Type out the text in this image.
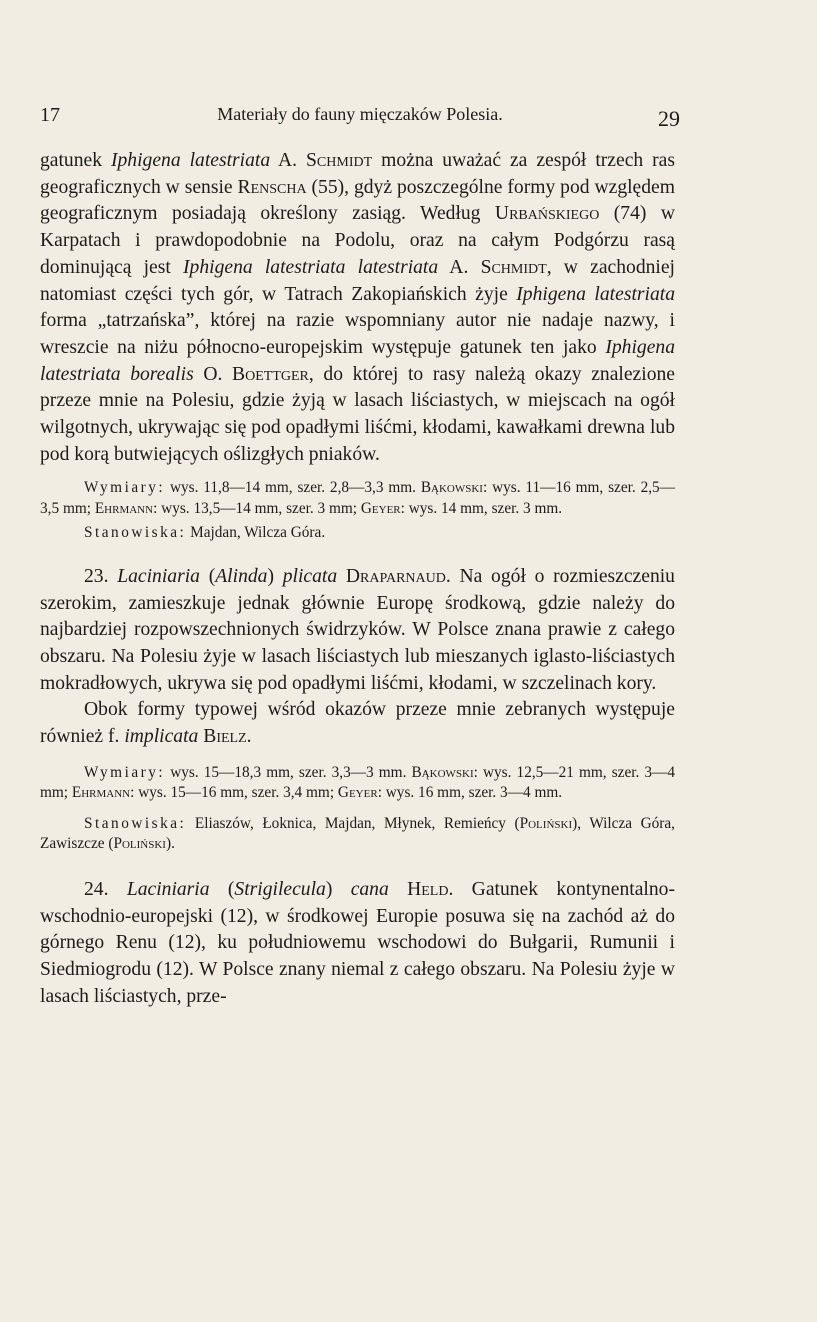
17	Materiały do fauny mięczaków Polesia.	29

gatunek Iphigena latestriata A. Schmidt można uważać za zespół trzech ras geograficznych w sensie Renscha (55), gdyż poszczególne formy pod względem geograficznym posiadają określony zasiąg. Według Urbańskiego (74) w Karpatach i prawdopodobnie na Podolu, oraz na całym Podgórzu rasą dominującą jest Iphigena latestriata latestriata A. Schmidt, w zachodniej natomiast części tych gór, w Tatrach Zakopiańskich żyje Iphigena latestriata forma „tatrzańska”, której na razie wspomniany autor nie nadaje nazwy, i wreszcie na niżu północno-europejskim występuje gatunek ten jako Iphigena latestriata borealis O. Boettger, do której to rasy należą okazy znalezione przeze mnie na Polesiu, gdzie żyją w lasach liściastych, w miejscach na ogół wilgotnych, ukrywając się pod opadłymi liśćmi, kłodami, kawałkami drewna lub pod korą butwiejących oślizgłych pniaków.

Wymiary: wys. 11,8—14 mm, szer. 2,8—3,3 mm. Bąkowski: wys. 11—16 mm, szer. 2,5—3,5 mm; Ehrmann: wys. 13,5—14 mm, szer. 3 mm; Geyer: wys. 14 mm, szer. 3 mm.

Stanowiska: Majdan, Wilcza Góra.

23. Laciniaria (Alinda) plicata Draparnaud. Na ogół o rozmieszczeniu szerokim, zamieszkuje jednak głównie Europę środkową, gdzie należy do najbardziej rozpowszechnionych świdrzyków. W Polsce znana prawie z całego obszaru. Na Polesiu żyje w lasach liściastych lub mieszanych iglasto-liściastych mokradłowych, ukrywa się pod opadłymi liśćmi, kłodami, w szczelinach kory.

Obok formy typowej wśród okazów przeze mnie zebranych występuje również f. implicata Bielz.

Wymiary: wys. 15—18,3 mm, szer. 3,3—3 mm. Bąkowski: wys. 12,5—21 mm, szer. 3—4 mm; Ehrmann: wys. 15—16 mm, szer. 3,4 mm; Geyer: wys. 16 mm, szer. 3—4 mm.

Stanowiska: Eliaszów, Łoknica, Majdan, Młynek, Remieńcy (Poliński), Wilcza Góra, Zawiszcze (Poliński).

24. Laciniaria (Strigilecula) cana Held. Gatunek kontynentalno-wschodnio-europejski (12), w środkowej Europie posuwa się na zachód aż do górnego Renu (12), ku południowemu wschodowi do Bułgarii, Rumunii i Siedmiogrodu (12). W Polsce znany niemal z całego obszaru. Na Polesiu żyje w lasach liściastych, prze-
